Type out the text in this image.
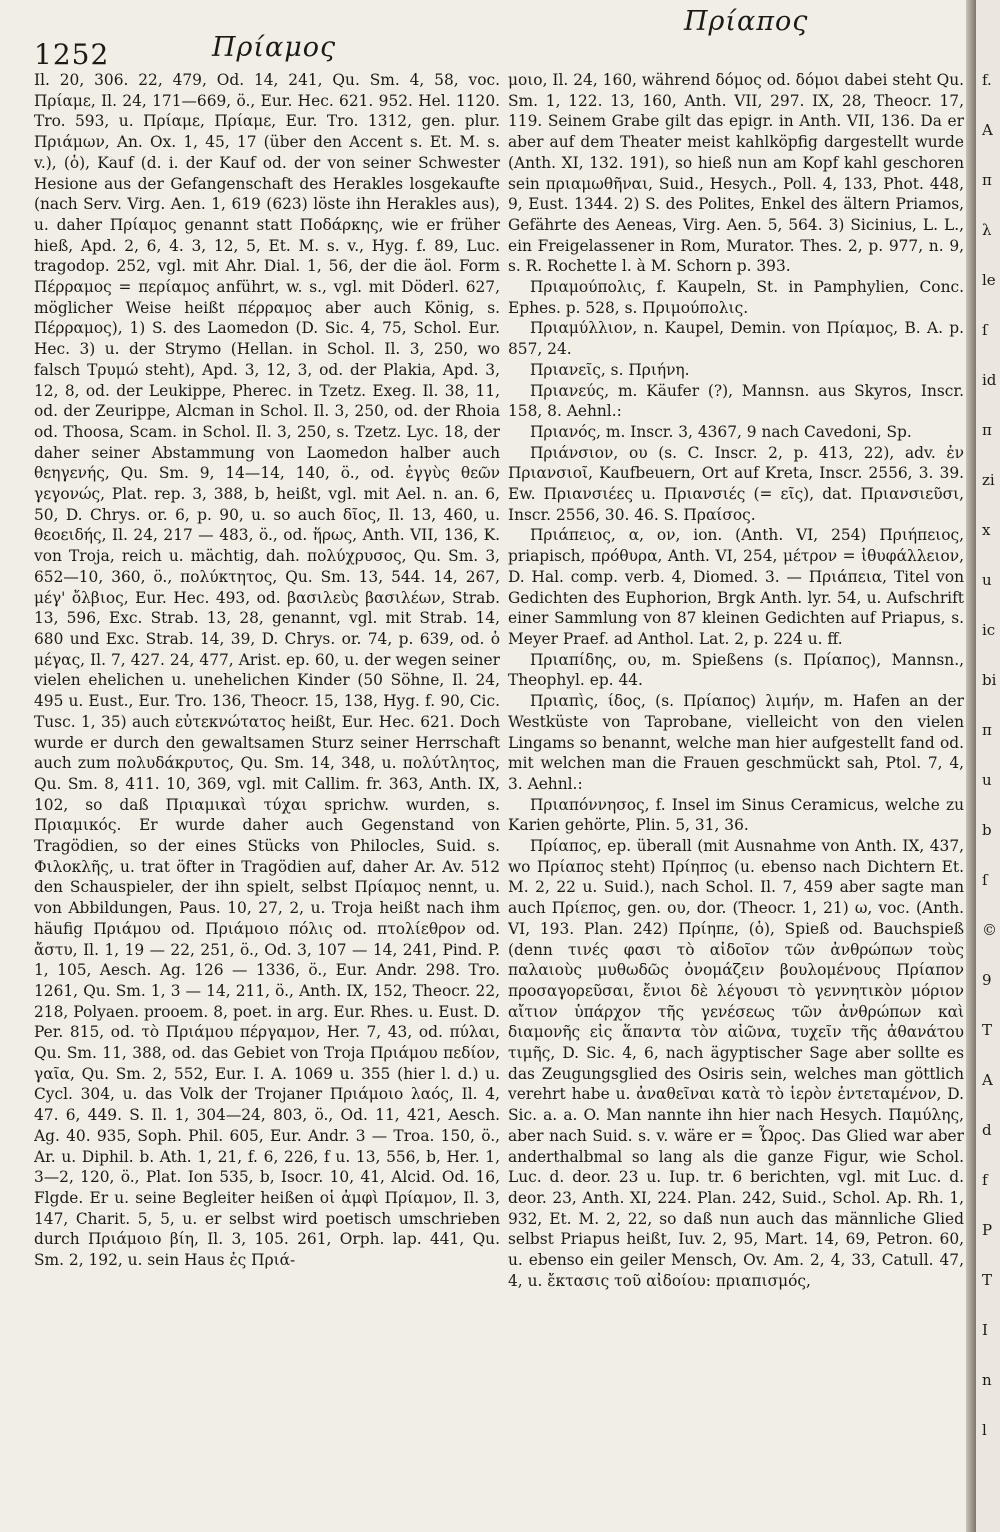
1252	Πρίαμος
Πρίαπος

Il. 20, 306. 22, 479, Od. 14, 241, Qu. Sm. 4, 58, voc. Πρίαμε, Il. 24, 171—669, ö., Eur. Hec. 621. 952. Hel. 1120. Tro. 593, u. Πρίαμε, Πρίαμε, Eur. Tro. 1312, gen. plur. Πριάμων, An. Ox. 1, 45, 17 (über den Accent s. Et. M. s. v.), (ὁ), Kauf (d. i. der Kauf od. der von seiner Schwester Hesione aus der Gefangenschaft des Herakles losgekaufte (nach Serv. Virg. Aen. 1, 619 (623) löste ihn Herakles aus), u. daher Πρίαμος genannt statt Ποδάρκης, wie er früher hieß, Apd. 2, 6, 4. 3, 12, 5, Et. M. s. v., Hyg. f. 89, Luc. tragodop. 252, vgl. mit Ahr. Dial. 1, 56, der die äol. Form Πέρραμος = περίαμος anführt, w. s., vgl. mit Döderl. 627, möglicher Weise heißt πέρραμος aber auch König, s. Πέρραμος), 1) S. des Laomedon (D. Sic. 4, 75, Schol. Eur. Hec. 3) u. der Strymo (Hellan. in Schol. Il. 3, 250, wo falsch Τρυμώ steht), Apd. 3, 12, 3, od. der Plakia, Apd. 3, 12, 8, od. der Leukippe, Pherec. in Tzetz. Exeg. Il. 38, 11, od. der Zeurippe, Alcman in Schol. Il. 3, 250, od. der Rhoia od. Thoosa, Scam. in Schol. Il. 3, 250, s. Tzetz. Lyc. 18, der daher seiner Abstammung von Laomedon halber auch θεηγενής, Qu. Sm. 9, 14—14, 140, ö., od. ἐγγὺς θεῶν γεγονώς, Plat. rep. 3, 388, b, heißt, vgl. mit Ael. n. an. 6, 50, D. Chrys. or. 6, p. 90, u. so auch δῖος, Il. 13, 460, u. θεοειδής, Il. 24, 217 — 483, ö., od. ἥρως, Anth. VII, 136, K. von Troja, reich u. mächtig, dah. πολύχρυσος, Qu. Sm. 3, 652—10, 360, ö., πολύκτητος, Qu. Sm. 13, 544. 14, 267, μέγ' ὄλβιος, Eur. Hec. 493, od. βασιλεὺς βασιλέων, Strab. 13, 596, Exc. Strab. 13, 28, genannt, vgl. mit Strab. 14, 680 und Exc. Strab. 14, 39, D. Chrys. or. 74, p. 639, od. ὁ μέγας, Il. 7, 427. 24, 477, Arist. ep. 60, u. der wegen seiner vielen ehelichen u. unehelichen Kinder (50 Söhne, Il. 24, 495 u. Eust., Eur. Tro. 136, Theocr. 15, 138, Hyg. f. 90, Cic. Tusc. 1, 35) auch εὐτεκνώτατος heißt, Eur. Hec. 621. Doch wurde er durch den gewaltsamen Sturz seiner Herrschaft auch zum πολυδάκρυτος, Qu. Sm. 14, 348, u. πολύτλητος, Qu. Sm. 8, 411. 10, 369, vgl. mit Callim. fr. 363, Anth. IX, 102, so daß Πριαμικαὶ τύχαι sprichw. wurden, s. Πριαμικός. Er wurde daher auch Gegenstand von Tragödien, so der eines Stücks von Philocles, Suid. s. Φιλοκλῆς, u. trat öfter in Tragödien auf, daher Ar. Av. 512 den Schauspieler, der ihn spielt, selbst Πρίαμος nennt, u. von Abbildungen, Paus. 10, 27, 2, u. Troja heißt nach ihm häufig Πριάμου od. Πριάμοιο πόλις od. πτολίεθρον od. ἄστυ, Il. 1, 19 — 22, 251, ö., Od. 3, 107 — 14, 241, Pind. P. 1, 105, Aesch. Ag. 126 — 1336, ö., Eur. Andr. 298. Tro. 1261, Qu. Sm. 1, 3 — 14, 211, ö., Anth. IX, 152, Theocr. 22, 218, Polyaen. prooem. 8, poet. in arg. Eur. Rhes. u. Eust. D. Per. 815, od. τὸ Πριάμου πέργαμον, Her. 7, 43, od. πύλαι, Qu. Sm. 11, 388, od. das Gebiet von Troja Πριάμου πεδίον, γαῖα, Qu. Sm. 2, 552, Eur. I. A. 1069 u. 355 (hier l. d.) u. Cycl. 304, u. das Volk der Trojaner Πριάμοιο λαός, Il. 4, 47. 6, 449. S. Il. 1, 304—24, 803, ö., Od. 11, 421, Aesch. Ag. 40. 935, Soph. Phil. 605, Eur. Andr. 3 — Troa. 150, ö., Ar. u. Diphil. b. Ath. 1, 21, f. 6, 226, f u. 13, 556, b, Her. 1, 3—2, 120, ö., Plat. Ion 535, b, Isocr. 10, 41, Alcid. Od. 16, Flgde. Er u. seine Begleiter heißen οἱ ἀμφὶ Πρίαμον, Il. 3, 147, Charit. 5, 5, u. er selbst wird poetisch umschrieben durch Πριάμοιο βίη, Il. 3, 105. 261, Orph. lap. 441, Qu. Sm. 2, 192, u. sein Haus ἐς Πριά-

μοιο, Il. 24, 160, während δόμος od. δόμοι dabei steht Qu. Sm. 1, 122. 13, 160, Anth. VII, 297. IX, 28, Theocr. 17, 119. Seinem Grabe gilt das epigr. in Anth. VII, 136. Da er aber auf dem Theater meist kahlköpfig dargestellt wurde (Anth. XI, 132. 191), so hieß nun am Kopf kahl geschoren sein πριαμωθῆναι, Suid., Hesych., Poll. 4, 133, Phot. 448, 9, Eust. 1344. 2) S. des Polites, Enkel des ältern Priamos, Gefährte des Aeneas, Virg. Aen. 5, 564. 3) Sicinius, L. L., ein Freigelassener in Rom, Murator. Thes. 2, p. 977, n. 9, s. R. Rochette l. à M. Schorn p. 393.

Πριαμούπολις, f. Kaupeln, St. in Pamphylien, Conc. Ephes. p. 528, s. Πριμούπολις.

Πριαμύλλιον, n. Kaupel, Demin. von Πρίαμος, B. A. p. 857, 24.

Πριανεῖς, s. Πριήνη.

Πριανεύς, m. Käufer (?), Mannsn. aus Skyros, Inscr. 158, 8. Aehnl.:

Πριανός, m. Inscr. 3, 4367, 9 nach Cavedoni, Sp.

Πριάνσιον, ου (s. C. Inscr. 2, p. 413, 22), adv. ἐν Πριανσιοῖ, Kaufbeuern, Ort auf Kreta, Inscr. 2556, 3. 39. Ew. Πριανσιέες u. Πριανσιές (= εῖς), dat. Πριανσιεῦσι, Inscr. 2556, 30. 46. S. Πραίσος.

Πριάπειος, α, ον, ion. (Anth. VI, 254) Πριήπειος, priapisch, πρόθυρα, Anth. VI, 254, μέτρον = ἰθυφάλλειον, D. Hal. comp. verb. 4, Diomed. 3. — Πριάπεια, Titel von Gedichten des Euphorion, Brgk Anth. lyr. 54, u. Aufschrift einer Sammlung von 87 kleinen Gedichten auf Priapus, s. Meyer Praef. ad Anthol. Lat. 2, p. 224 u. ff.

Πριαπίδης, ου, m. Spießens (s. Πρίαπος), Mannsn., Theophyl. ep. 44.

Πριαπὶς, ίδος, (s. Πρίαπος) λιμήν, m. Hafen an der Westküste von Taprobane, vielleicht von den vielen Lingams so benannt, welche man hier aufgestellt fand od. mit welchen man die Frauen geschmückt sah, Ptol. 7, 4, 3. Aehnl.:

Πριαπόννησος, f. Insel im Sinus Ceramicus, welche zu Karien gehörte, Plin. 5, 31, 36.

Πρίαπος, ep. überall (mit Ausnahme von Anth. IX, 437, wo Πρίαπος steht) Πρίηπος (u. ebenso nach Dichtern Et. M. 2, 22 u. Suid.), nach Schol. Il. 7, 459 aber sagte man auch Πρίεπος, gen. ου, dor. (Theocr. 1, 21) ω, voc. (Anth. VI, 193. Plan. 242) Πρίηπε, (ὁ), Spieß od. Bauchspieß (denn τινές φασι τὸ αἰδοῖον τῶν ἀνθρώπων τοὺς παλαιοὺς μυθωδῶς ὀνομάζειν βουλομένους Πρίαπον προσαγορεῦσαι, ἔνιοι δὲ λέγουσι τὸ γεννητικὸν μόριον αἴτιον ὑπάρχον τῆς γενέσεως τῶν ἀνθρώπων καὶ διαμονῆς εἰς ἅπαντα τὸν αἰῶνα, τυχεῖν τῆς ἀθανάτου τιμῆς, D. Sic. 4, 6, nach ägyptischer Sage aber sollte es das Zeugungsglied des Osiris sein, welches man göttlich verehrt habe u. ἀναθεῖναι κατὰ τὸ ἱερὸν ἐντεταμένον, D. Sic. a. a. O. Man nannte ihn hier nach Hesych. Παμύλης, aber nach Suid. s. v. wäre er = Ὧρος. Das Glied war aber anderthalbmal so lang als die ganze Figur, wie Schol. Luc. d. deor. 23 u. Iup. tr. 6 berichten, vgl. mit Luc. d. deor. 23, Anth. XI, 224. Plan. 242, Suid., Schol. Ap. Rh. 1, 932, Et. M. 2, 22, so daß nun auch das männliche Glied selbst Priapus heißt, Iuv. 2, 95, Mart. 14, 69, Petron. 60, u. ebenso ein geiler Mensch, Ov. Am. 2, 4, 33, Catull. 47, 4, u. ἔκτασις τοῦ αἰδοίου: πριαπισμός,

f.
A
π
λ
le
ſ
id
π
zi
x
u
ic
bi
π
u
b
ſ
©
9
T
A
d
f
P
T
I
n
l
